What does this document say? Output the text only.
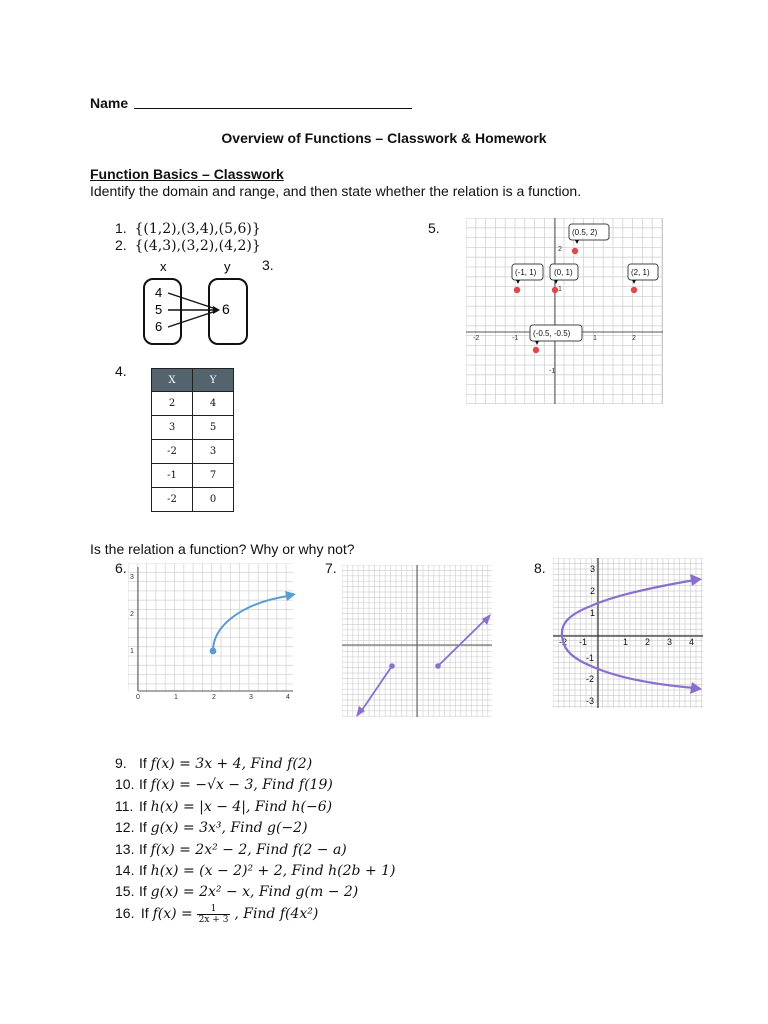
Name
Overview of Functions – Classwork & Homework
Function Basics – Classwork
Identify the domain and range, and then state whether the relation is a function.
1. {(1,2),(3,4),(5,6)}
2. {(4,3),(3,2),(4,2)}
3.
x	y
4
5
6
6
4.
X	Y
2	4
3	5
-2	3
-1	7
-2	0
5.
2
1
-2	-1	1	2
-1
(0.5, 2)
(-1, 1) (0, 1)	(2, 1)
(-0.5, -0.5)
Is the relation a function? Why or why not?
6.
3
2
1
0	1	2	3	4
7.	8.	3
2
1
-1
-2
-3
-2 -1	1 2 3 4
9. If f(x) = 3x + 4, Find f(2)
10. If f(x) = −√x − 3, Find f(19)
11. If h(x) = |x − 4|, Find h(−6)
12. If g(x) = 3x³, Find g(−2)
13. If f(x) = 2x² − 2, Find f(2 − a)
14. If h(x) = (x − 2)² + 2, Find h(2b + 1)
15. If g(x) = 2x² − x, Find g(m − 2)
16. If $f(x) = \frac{1}{2x + 3}$ , Find f(4x²)
